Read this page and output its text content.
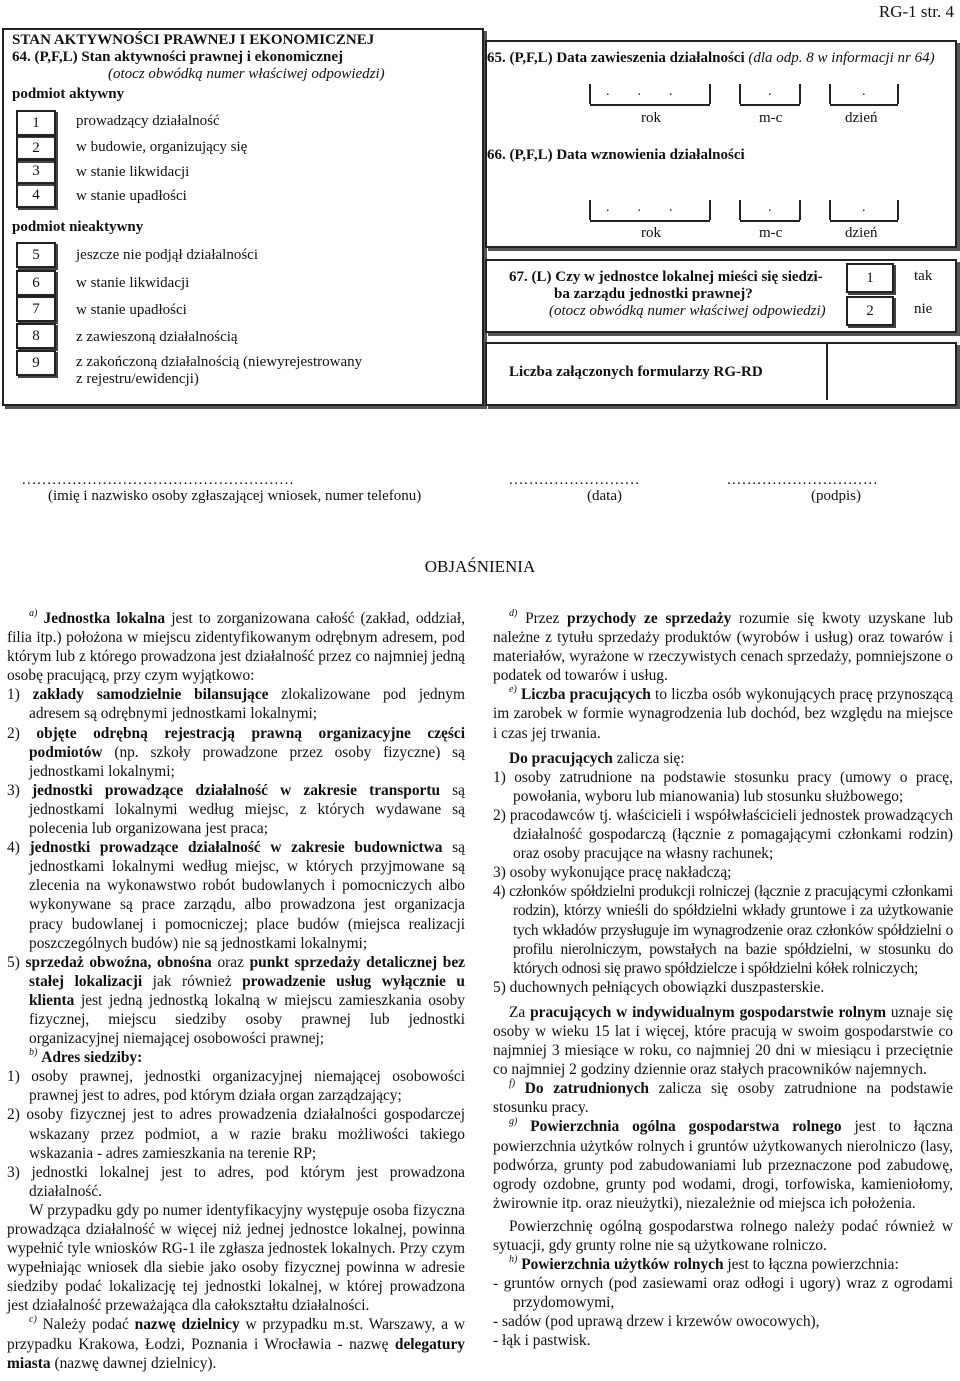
RG-1 str. 4
STAN AKTYWNOŚCI PRAWNEJ I EKONOMICZNEJ
64. (P,F,L) Stan aktywności prawnej i ekonomicznej
(otocz obwódką numer właściwej odpowiedzi)
podmiot aktywny
1	prowadzący działalność
2	w budowie, organizujący się
3	w stanie likwidacji
4	w stanie upadłości
podmiot nieaktywny
5	jeszcze nie podjął działalności
6	w stanie likwidacji
7	w stanie upadłości
8	z zawieszoną działalnością
9	z zakończoną działalnością (niewyrejestrowany
z rejestru/ewidencji)
65. (P,F,L) Data zawieszenia działalności (dla odp. 8 w informacji nr 64)
...	.	.
rok	m-c	dzień
66. (P,F,L) Data wznowienia działalności
...	.	.
rok	m-c	dzień
67. (L) Czy w jednostce lokalnej mieści się siedzi-
ba zarządu jednostki prawnej?
(otocz obwódką numer właściwej odpowiedzi)
1	tak
2	nie
Liczba załączonych formularzy RG-RD
......................................................	..........................	..............................
(imię i nazwisko osoby zgłaszającej wniosek, numer telefonu)	(data)	(podpis)
OBJAŚNIENIA

$^{a)}$ Jednostka lokalna jest to zorganizowana całość (zakład, oddział, filia itp.) położona w miejscu zidentyfikowanym odrębnym adresem, pod którym lub z którego prowadzona jest działalność przez co najmniej jedną osobę pracującą, przy czym wyjątkowo:

1) zakłady samodzielnie bilansujące zlokalizowane pod jednym adresem są odrębnymi jednostkami lokalnymi;

2) objęte odrębną rejestracją prawną organizacyjne części podmiotów (np. szkoły prowadzone przez osoby fizyczne) są jednostkami lokalnymi;

3) jednostki prowadzące działalność w zakresie transportu są jednostkami lokalnymi według miejsc, z których wydawane są polecenia lub organizowana jest praca;

4) jednostki prowadzące działalność w zakresie budownictwa są jednostkami lokalnymi według miejsc, w których przyjmowane są zlecenia na wykonawstwo robót budowlanych i pomocniczych albo wykonywane są prace zarządu, albo prowadzona jest organizacja pracy budowlanej i pomocniczej; place budów (miejsca realizacji poszczególnych budów) nie są jednostkami lokalnymi;

5) sprzedaż obwoźna, obnośna oraz punkt sprzedaży detalicznej bez stałej lokalizacji jak również prowadzenie usług wyłącznie u klienta jest jedną jednostką lokalną w miejscu zamieszkania osoby fizycznej, miejscu siedziby osoby prawnej lub jednostki organizacyjnej niemającej osobowości prawnej;

$^{b)}$ Adres siedziby:

1) osoby prawnej, jednostki organizacyjnej niemającej osobowości prawnej jest to adres, pod którym działa organ zarządzający;

2) osoby fizycznej jest to adres prowadzenia działalności gospodarczej wskazany przez podmiot, a w razie braku możliwości takiego wskazania - adres zamieszkania na terenie RP;

3) jednostki lokalnej jest to adres, pod którym jest prowadzona działalność.

W przypadku gdy po numer identyfikacyjny występuje osoba fizyczna prowadząca działalność w więcej niż jednej jednostce lokalnej, powinna wypełnić tyle wniosków RG-1 ile zgłasza jednostek lokalnych. Przy czym wypełniając wniosek dla siebie jako osoby fizycznej powinna w adresie siedziby podać lokalizację tej jednostki lokalnej, w której prowadzona jest działalność przeważająca dla całokształtu działalności.

$^{c)}$ Należy podać nazwę dzielnicy w przypadku m.st. Warszawy, a w przypadku Krakowa, Łodzi, Poznania i Wrocławia - nazwę delegatury miasta (nazwę dawnej dzielnicy).

$^{d)}$ Przez przychody ze sprzedaży rozumie się kwoty uzyskane lub należne z tytułu sprzedaży produktów (wyrobów i usług) oraz towarów i materiałów, wyrażone w rzeczywistych cenach sprzedaży, pomniejszone o podatek od towarów i usług.

$^{e)}$ Liczba pracujących to liczba osób wykonujących pracę przynoszącą im zarobek w formie wynagrodzenia lub dochód, bez względu na miejsce i czas jej trwania.

Do pracujących zalicza się:

1) osoby zatrudnione na podstawie stosunku pracy (umowy o pracę, powołania, wyboru lub mianowania) lub stosunku służbowego;

2) pracodawców tj. właścicieli i współwłaścicieli jednostek prowadzących działalność gospodarczą (łącznie z pomagającymi członkami rodzin) oraz osoby pracujące na własny rachunek;

3) osoby wykonujące pracę nakładczą;

4) członków spółdzielni produkcji rolniczej (łącznie z pracującymi członkami rodzin), którzy wnieśli do spółdzielni wkłady gruntowe i za użytkowanie tych wkładów przysługuje im wynagrodzenie oraz członków spółdzielni o profilu nierolniczym, powstałych na bazie spółdzielni, w stosunku do których odnosi się prawo spółdzielcze i spółdzielni kółek rolniczych;

5) duchownych pełniących obowiązki duszpasterskie.

Za pracujących w indywidualnym gospodarstwie rolnym uznaje się osoby w wieku 15 lat i więcej, które pracują w swoim gospodarstwie co najmniej 3 miesiące w roku, co najmniej 20 dni w miesiącu i przeciętnie co najmniej 2 godziny dziennie oraz stałych pracowników najemnych.

$^{f)}$ Do zatrudnionych zalicza się osoby zatrudnione na podstawie stosunku pracy.

$^{g)}$ Powierzchnia ogólna gospodarstwa rolnego jest to łączna powierzchnia użytków rolnych i gruntów użytkowanych nierolniczo (lasy, podwórza, grunty pod zabudowaniami lub przeznaczone pod zabudowę, ogrody ozdobne, grunty pod wodami, drogi, torfowiska, kamieniołomy, żwirownie itp. oraz nieużytki), niezależnie od miejsca ich położenia.

Powierzchnię ogólną gospodarstwa rolnego należy podać również w sytuacji, gdy grunty rolne nie są użytkowane rolniczo.

$^{h)}$ Powierzchnia użytków rolnych jest to łączna powierzchnia:

- gruntów ornych (pod zasiewami oraz odłogi i ugory) wraz z ogrodami przydomowymi,

- sadów (pod uprawą drzew i krzewów owocowych),

- łąk i pastwisk.
